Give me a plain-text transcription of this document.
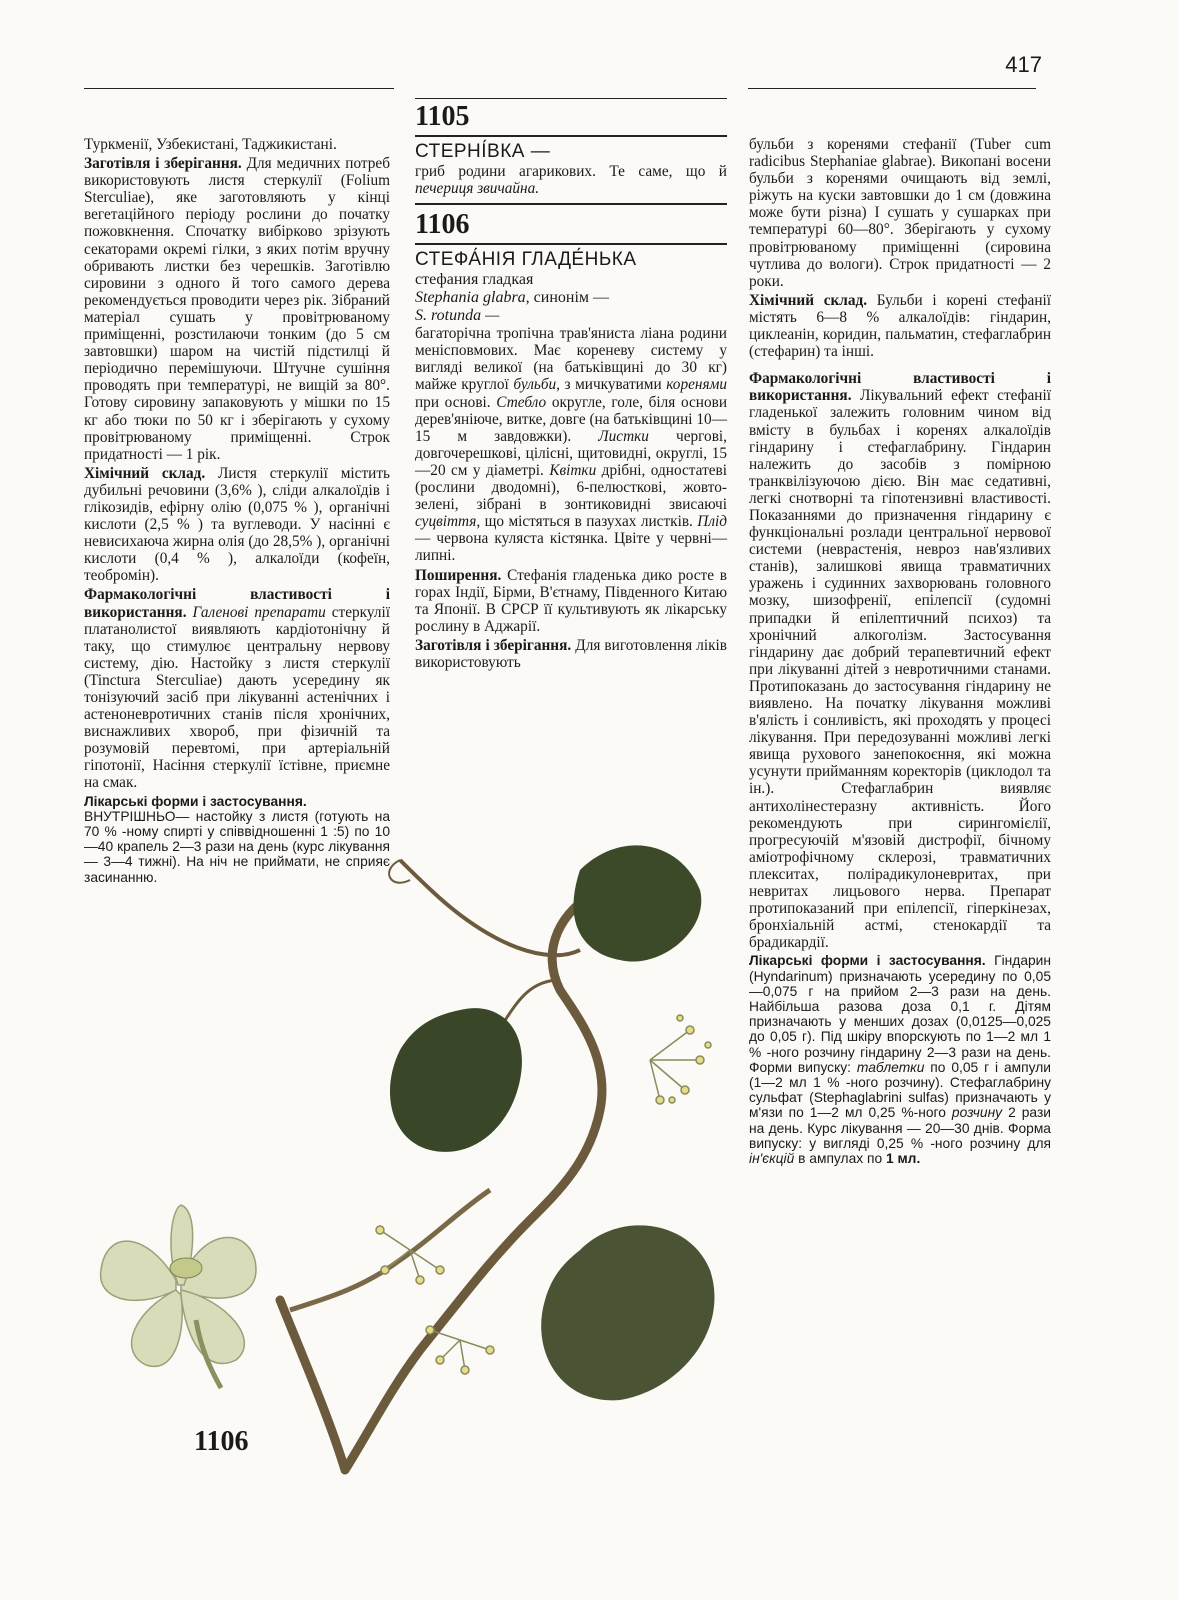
417

Туркменії, Узбекистані, Таджикистані.

Заготівля і зберігання. Для медичних потреб використовують листя стеркулії (Folium Sterculiae), яке заготовляють у кінці вегетаційного періоду рослини до початку пожовкнення. Спочатку вибірково зрізують секаторами окремі гілки, з яких потім вручну обривають листки без черешків. Заготівлю сировини з одного й того самого дерева рекомендується проводити через рік. Зібраний матеріал сушать у провітрюваному приміщенні, розстилаючи тонким (до 5 см завтовшки) шаром на чистій підстилці й періодично перемішуючи. Штучне сушіння проводять при температурі, не вищій за 80°. Готову сировину запаковують у мішки по 15 кг або тюки по 50 кг і зберігають у сухому провітрюваному приміщенні. Строк придатності — 1 рік.

Хімічний склад. Листя стеркулії містить дубильні речовини (3,6% ), сліди алкалоїдів і глікозидів, ефірну олію (0,075 % ), органічні кислоти (2,5 % ) та вуглеводи. У насінні є невисихаюча жирна олія (до 28,5% ), органічні кислоти (0,4 % ), алкалоїди (кофеїн, теобромін).

Фармакологічні властивості і використання. Галенові препарати стеркулії платанолистої виявляють кардіотонічну й таку, що стимулює центральну нервову систему, дію. Настойку з листя стеркулії (Tinctura Sterculiae) дають усередину як тонізуючий засіб при лікуванні астенічних і астеноневротичних станів після хронічних, виснажливих хвороб, при фізичній та розумовій перевтомі, при артеріальній гіпотонії, Насіння стеркулії їстівне, приємне на смак.

Лікарські форми і застосування.
ВНУТРІШНЬО— настойку з листя (готують на 70 % -ному спирті у співвідношенні 1 :5) по 10—40 крапель 2—3 рази на день (курс лікування — 3—4 тижні). На ніч не приймати, не сприяє засинанню.

1105
СТЕРНІ́ВКА —

гриб родини агарикових. Те саме, що й печериця звичайна.

1106
СТЕФА́НІЯ ГЛАДЕ́НЬКА
стефания гладкая
Stephania glabra, синонім —
S. rotunda —

багаторічна тропічна трав'яниста ліана родини менісповмових. Має кореневу систему у вигляді великої (на батьківщині до 30 кг) майже круглої бульби, з мичкуватими коренями при основі. Стебло округле, голе, біля основи дерев'яніюче, витке, довге (на батьківщині 10—15 м завдовжки). Листки чергові, довгочерешкові, цілісні, щитовидні, округлі, 15—20 см у діаметрі. Квітки дрібні, одностатеві (рослини дводомні), 6-пелюсткові, жовто-зелені, зібрані в зонтиковидні звисаючі суцвіття, що містяться в пазухах листків. Плід — червона куляста кістянка. Цвіте у червні—липні.

Поширення. Стефанія гладенька дико росте в горах Індії, Бірми, В'єтнаму, Південного Китаю та Японії. В СРСР її культивують як лікарську рослину в Аджарії.

Заготівля і зберігання. Для виготовлення ліків використовують

бульби з коренями стефанії (Tuber cum radicibus Stephaniae glabrae). Викопані восени бульби з коренями очищають від землі, ріжуть на куски завтовшки до 1 см (довжина може бути різна) І сушать у сушарках при температурі 60—80°. Зберігають у сухому провітрюваному приміщенні (сировина чутлива до вологи). Строк придатності — 2 роки.

Хімічний склад. Бульби і корені стефанії містять 6—8 % алкалоїдів: гіндарин, циклеанін, коридин, пальматин, стефаглабрин (стефарин) та інші.

Фармакологічні властивості і використання. Лікувальний ефект стефанії гладенької залежить головним чином від вмісту в бульбах і коренях алкалоїдів гіндарину і стефаглабрину. Гіндарин належить до засобів з помірною транквілізуючою дією. Він має седативні, легкі снотворні та гіпотензивні властивості. Показаннями до призначення гіндарину є функціональні розлади центральної нервової системи (неврастенія, невроз нав'язливих станів), залишкові явища травматичних уражень і судинних захворювань головного мозку, шизофренії, епілепсії (судомні припадки й епілептичний психоз) та хронічний алкоголізм. Застосування гіндарину дає добрий терапевтичний ефект при лікуванні дітей з невротичними станами. Протипоказань до застосування гіндарину не виявлено. На початку лікування можливі в'ялість і сонливість, які проходять у процесі лікування. При передозуванні можливі легкі явища рухового занепокоєння, які можна усунути прийманням коректорів (циклодол та ін.). Стефаглабрин виявляє антихолінестеразну активність. Його рекомендують при сирингомієлії, прогресуючій м'язовій дистрофії, бічному аміотрофічному склерозі, травматичних плекситах, полірадикулоневритах, при невритах лицьового нерва. Препарат протипоказаний при епілепсії, гіперкінезах, бронхіальній астмі, стенокардії та брадикардії.

Лікарські форми і застосування. Гіндарин (Hyndarinum) призначають усередину по 0,05—0,075 г на прийом 2—3 рази на день. Найбільша разова доза 0,1 г. Дітям призначають у менших дозах (0,0125—0,025 до 0,05 г). Під шкіру впорскують по 1—2 мл 1 % -ного розчину гіндарину 2—3 рази на день. Форми випуску: таблетки по 0,05 г і ампули (1—2 мл 1 % -ного розчину). Стефаглабрину сульфат (Stephaglabrini sulfas) призначають у м'язи по 1—2 мл 0,25 %-ного розчину 2 рази на день. Курс лікування — 20—30 днів. Форма випуску: у вигляді 0,25 % -ного розчину для ін'єкцій в ампулах по 1 мл.

1106
